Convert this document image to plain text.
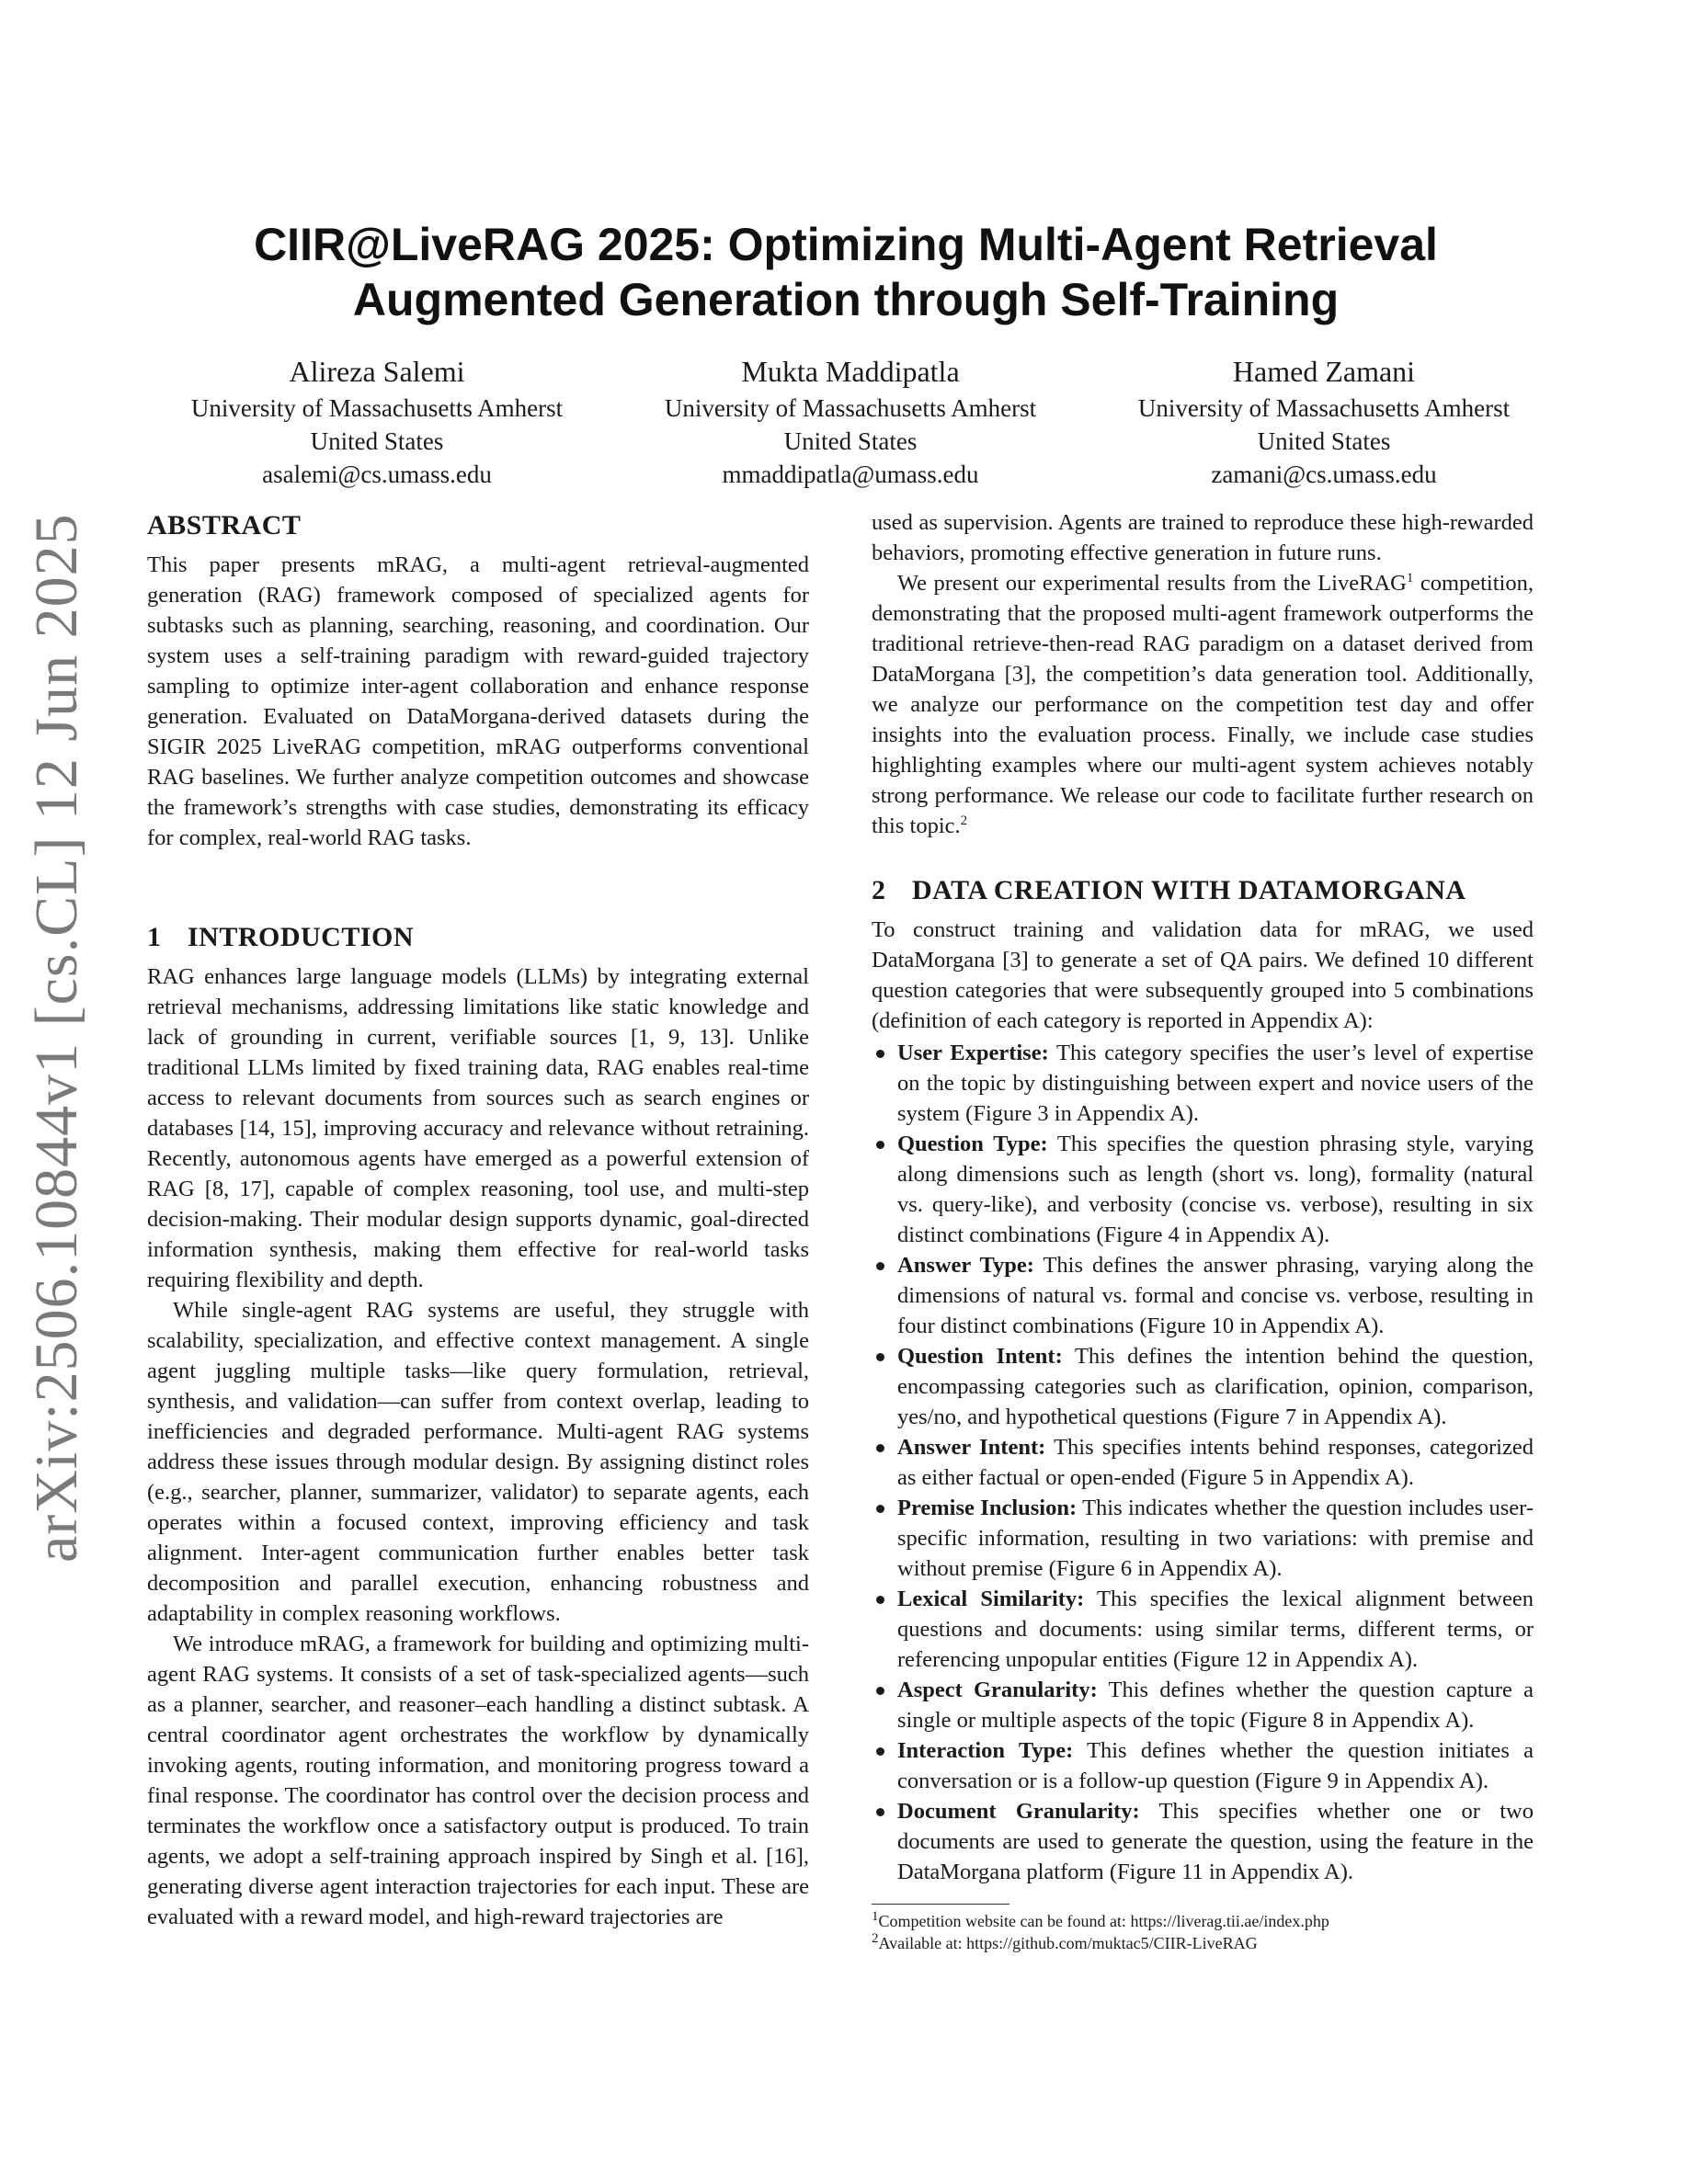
arXiv:2506.10844v1 [cs.CL] 12 Jun 2025
CIIR@LiveRAG 2025: Optimizing Multi-Agent Retrieval
Augmented Generation through Self-Training
Alireza Salemi
University of Massachusetts Amherst
United States
asalemi@cs.umass.edu
Mukta Maddipatla
University of Massachusetts Amherst
United States
mmaddipatla@umass.edu
Hamed Zamani
University of Massachusetts Amherst
United States
zamani@cs.umass.edu
ABSTRACT

This paper presents mRAG, a multi-agent retrieval-augmented generation (RAG) framework composed of specialized agents for subtasks such as planning, searching, reasoning, and coordination. Our system uses a self-training paradigm with reward-guided trajectory sampling to optimize inter-agent collaboration and enhance response generation. Evaluated on DataMorgana-derived datasets during the SIGIR 2025 LiveRAG competition, mRAG outperforms conventional RAG baselines. We further analyze competition outcomes and showcase the framework’s strengths with case studies, demonstrating its efficacy for complex, real-world RAG tasks.

1 INTRODUCTION

RAG enhances large language models (LLMs) by integrating external retrieval mechanisms, addressing limitations like static knowledge and lack of grounding in current, verifiable sources [1, 9, 13]. Unlike traditional LLMs limited by fixed training data, RAG enables real-time access to relevant documents from sources such as search engines or databases [14, 15], improving accuracy and relevance without retraining. Recently, autonomous agents have emerged as a powerful extension of RAG [8, 17], capable of complex reasoning, tool use, and multi-step decision-making. Their modular design supports dynamic, goal-directed information synthesis, making them effective for real-world tasks requiring flexibility and depth.

While single-agent RAG systems are useful, they struggle with scalability, specialization, and effective context management. A single agent juggling multiple tasks—like query formulation, retrieval, synthesis, and validation—can suffer from context overlap, leading to inefficiencies and degraded performance. Multi-agent RAG systems address these issues through modular design. By assigning distinct roles (e.g., searcher, planner, summarizer, validator) to separate agents, each operates within a focused context, improving efficiency and task alignment. Inter-agent communication further enables better task decomposition and parallel execution, enhancing robustness and adaptability in complex reasoning workflows.

We introduce mRAG, a framework for building and optimizing multi-agent RAG systems. It consists of a set of task-specialized agents—such as a planner, searcher, and reasoner–each handling a distinct subtask. A central coordinator agent orchestrates the workflow by dynamically invoking agents, routing information, and monitoring progress toward a final response. The coordinator has control over the decision process and terminates the workflow once a satisfactory output is produced. To train agents, we adopt a self-training approach inspired by Singh et al. [16], generating diverse agent interaction trajectories for each input. These are evaluated with a reward model, and high-reward trajectories are

used as supervision. Agents are trained to reproduce these high-rewarded behaviors, promoting effective generation in future runs.

We present our experimental results from the LiveRAG$^1$ competition, demonstrating that the proposed multi-agent framework outperforms the traditional retrieve-then-read RAG paradigm on a dataset derived from DataMorgana [3], the competition’s data generation tool. Additionally, we analyze our performance on the competition test day and offer insights into the evaluation process. Finally, we include case studies highlighting examples where our multi-agent system achieves notably strong performance. We release our code to facilitate further research on this topic.$^2$

2 DATA CREATION WITH DATAMORGANA

To construct training and validation data for mRAG, we used DataMorgana [3] to generate a set of QA pairs. We defined 10 different question categories that were subsequently grouped into 5 combinations (definition of each category is reported in Appendix A):

User Expertise: This category specifies the user’s level of expertise on the topic by distinguishing between expert and novice users of the system (Figure 3 in Appendix A).
Question Type: This specifies the question phrasing style, varying along dimensions such as length (short vs. long), formality (natural vs. query-like), and verbosity (concise vs. verbose), resulting in six distinct combinations (Figure 4 in Appendix A).
Answer Type: This defines the answer phrasing, varying along the dimensions of natural vs. formal and concise vs. verbose, resulting in four distinct combinations (Figure 10 in Appendix A).
Question Intent: This defines the intention behind the question, encompassing categories such as clarification, opinion, comparison, yes/no, and hypothetical questions (Figure 7 in Appendix A).
Answer Intent: This specifies intents behind responses, categorized as either factual or open-ended (Figure 5 in Appendix A).
Premise Inclusion: This indicates whether the question includes user-specific information, resulting in two variations: with premise and without premise (Figure 6 in Appendix A).
Lexical Similarity: This specifies the lexical alignment between questions and documents: using similar terms, different terms, or referencing unpopular entities (Figure 12 in Appendix A).
Aspect Granularity: This defines whether the question capture a single or multiple aspects of the topic (Figure 8 in Appendix A).
Interaction Type: This defines whether the question initiates a conversation or is a follow-up question (Figure 9 in Appendix A).
Document Granularity: This specifies whether one or two documents are used to generate the question, using the feature in the DataMorgana platform (Figure 11 in Appendix A).
$^1$Competition website can be found at: https://liverag.tii.ae/index.php
$^2$Available at: https://github.com/muktac5/CIIR-LiveRAG
